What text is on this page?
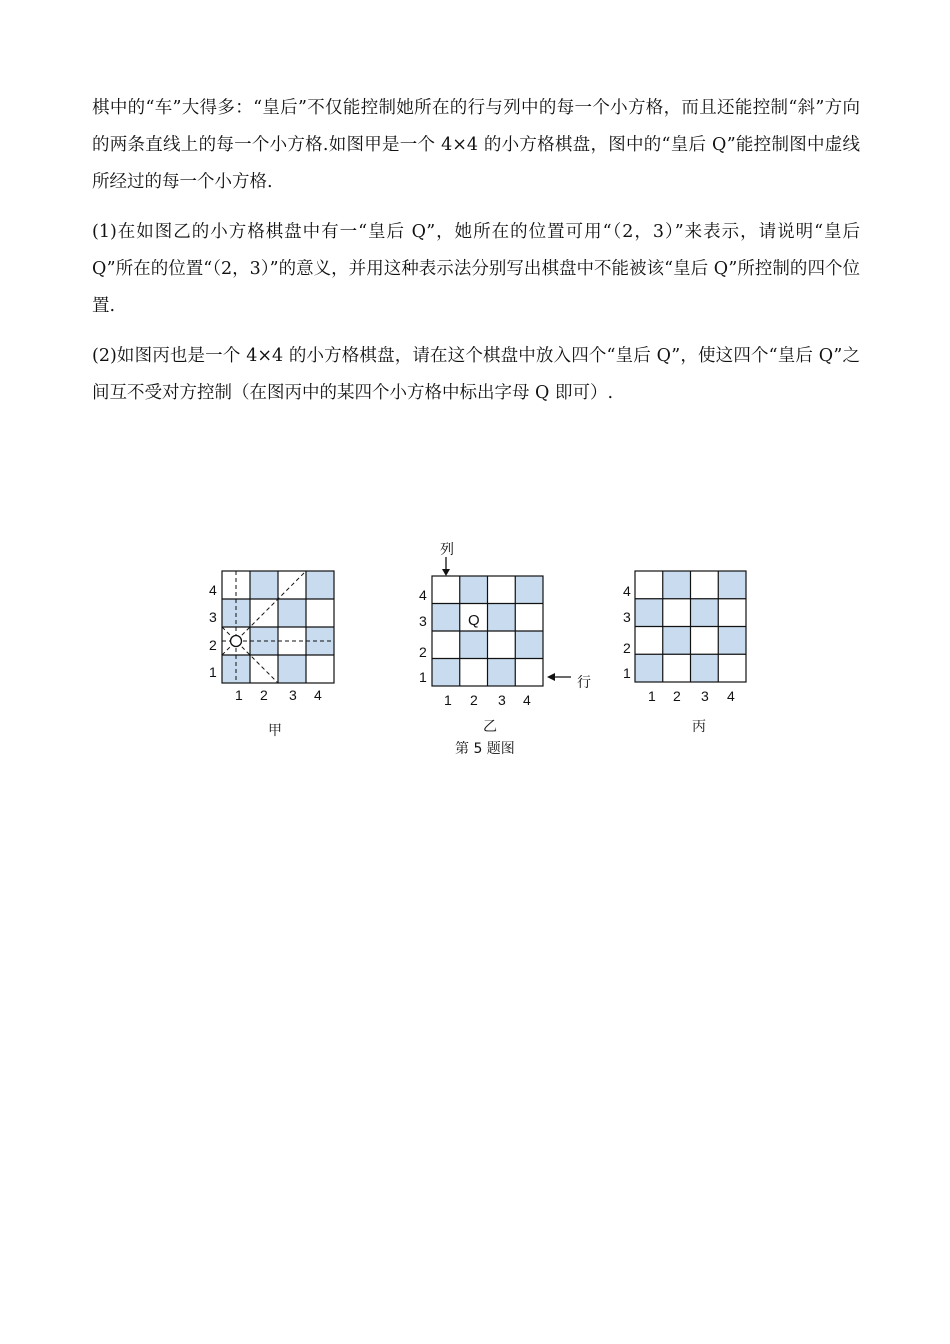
棋中的“车”大得多：“皇后”不仅能控制她所在的行与列中的每一个小方格，而且还能控制“斜”方向的两条直线上的每一个小方格.如图甲是一个 4×4 的小方格棋盘，图中的“皇后 Q”能控制图中虚线所经过的每一个小方格.
(1)在如图乙的小方格棋盘中有一“皇后 Q”，她所在的位置可用“（2，3）”来表示，请说明“皇后 Q”所在的位置“（2，3）”的意义，并用这种表示法分别写出棋盘中不能被该“皇后 Q”所控制的四个位置.
(2)如图丙也是一个 4×4 的小方格棋盘，请在这个棋盘中放入四个“皇后 Q”，使这四个“皇后 Q”之间互不受对方控制（在图丙中的某四个小方格中标出字母 Q 即可）.
4
3
2
1
1 2 3 4
甲
列
Q
4
3
2
1
1 2 3 4
行
乙
第 5 题图
4
3
2
1
1 2 3 4
丙
